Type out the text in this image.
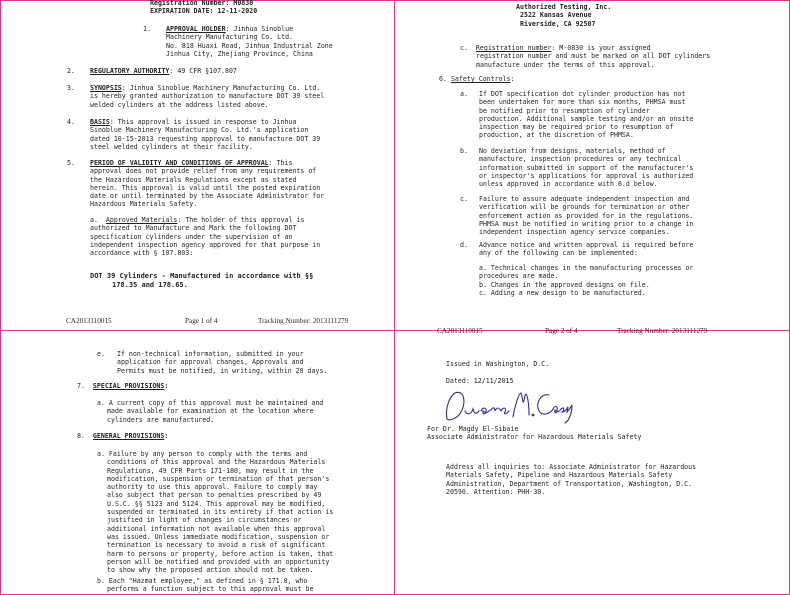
Registration Number: M0830
EXPIRATION DATE: 12-11-2020
1. APPROVAL HOLDER: Jinhua Sinoblue
Machinery Manufacturing Co. Ltd.
No. 818 Huaxi Road, Jinhua Industrial Zone
Jinhua City, Zhejiang Province, China
2. REGULATORY AUTHORITY: 49 CFR §107.807
3. SYNOPSIS: Jinhua Sinoblue Machinery Manufacturing Co. Ltd.
is hereby granted authorization to manufacture DOT 39 steel
welded cylinders at the address listed above.
4. BASIS: This approval is issued in response to Jinhua
Sinoblue Machinery Manufacturing Co. Ltd.'s application
dated 10-15-2013 requesting approval to manufacture DOT 39
steel welded cylinders at their facility.
5. PERIOD OF VALIDITY AND CONDITIONS OF APPROVAL: This
approval does not provide relief from any requirements of
the Hazardous Materials Regulations except as stated
herein. This approval is valid until the posted expiration
date or until terminated by the Associate Administrator for
Hazardous Materials Safety.
a. Approved Materials: The holder of this approval is
authorized to Manufacture and Mark the following DOT
specification cylinders under the supervision of an
independent inspection agency approved for that purpose in
accordance with § 107.803:
DOT 39 Cylinders - Manufactured in accordance with §§
178.35 and 178.65.
CA2013110015	Page 1 of 4	Tracking Number: 2013111279
Authorized Testing, Inc.
2522 Kansas Avenue
Riverside, CA 92507
c. Registration number: M-0830 is your assigned
registration number and must be marked on all DOT cylinders
manufacture under the terms of this approval.
6. Safety Controls:
a. If DOT specification dot cylinder production has not
been undertaken for more than six months, PHMSA must
be notified prior to resumption of cylinder
production. Additional sample testing and/or an onsite
inspection may be required prior to resumption of
production, at the discretion of PHMSA.
b. No deviation from designs, materials, method of
manufacture, inspection procedures or any technical
information submitted in support of the manufacturer's
or inspector's applications for approval is authorized
unless approved in accordance with 6.d below.
c. Failure to assure adequate independent inspection and
verification will be grounds for termination or other
enforcement action as provided for in the regulations.
PHMSA must be notified in writing prior to a change in
independent inspection agency service companies.
d. Advance notice and written approval is required before
any of the following can be implemented:
a. Technical changes in the manufacturing processes or
procedures are made.
b. Changes in the approved designs on file.
c. Adding a new design to be manufactured.
CA2013110015	Page 2 of 4	Tracking Number: 2013111279
e. If non-technical information, submitted in your
application for approval changes, Approvals and
Permits must be notified, in writing, within 20 days.
7. SPECIAL PROVISIONS:
a. A current copy of this approval must be maintained and
made available for examination at the location where
cylinders are manufactured.
8. GENERAL PROVISIONS:
a. Failure by any person to comply with the terms and
conditions of this approval and the Hazardous Materials
Regulations, 49 CFR Parts 171-180, may result in the
modification, suspension or termination of that person's
authority to use this approval. Failure to comply may
also subject that person to penalties prescribed by 49
U.S.C. §§ 5123 and 5124. This approval may be modified,
suspended or terminated in its entirety if that action is
justified in light of changes in circumstances or
additional information not available when this approval
was issued. Unless immediate modification, suspension or
termination is necessary to avoid a risk of significant
harm to persons or property, before action is taken, that
person will be notified and provided with an opportunity
to show why the proposed action should not be taken.
b. Each "Hazmat employee," as defined in § 171.8, who
performs a function subject to this approval must be
Issued in Washington, D.C.
Dated: 12/11/2015
For Dr. Magdy El-Sibaie
Associate Administrator for Hazardous Materials Safety
Address all inquiries to: Associate Administrator for Hazardous
Materials Safety, Pipeline and Hazardous Materials Safety
Administration, Department of Transportation, Washington, D.C.
20590. Attention: PHH-30.
